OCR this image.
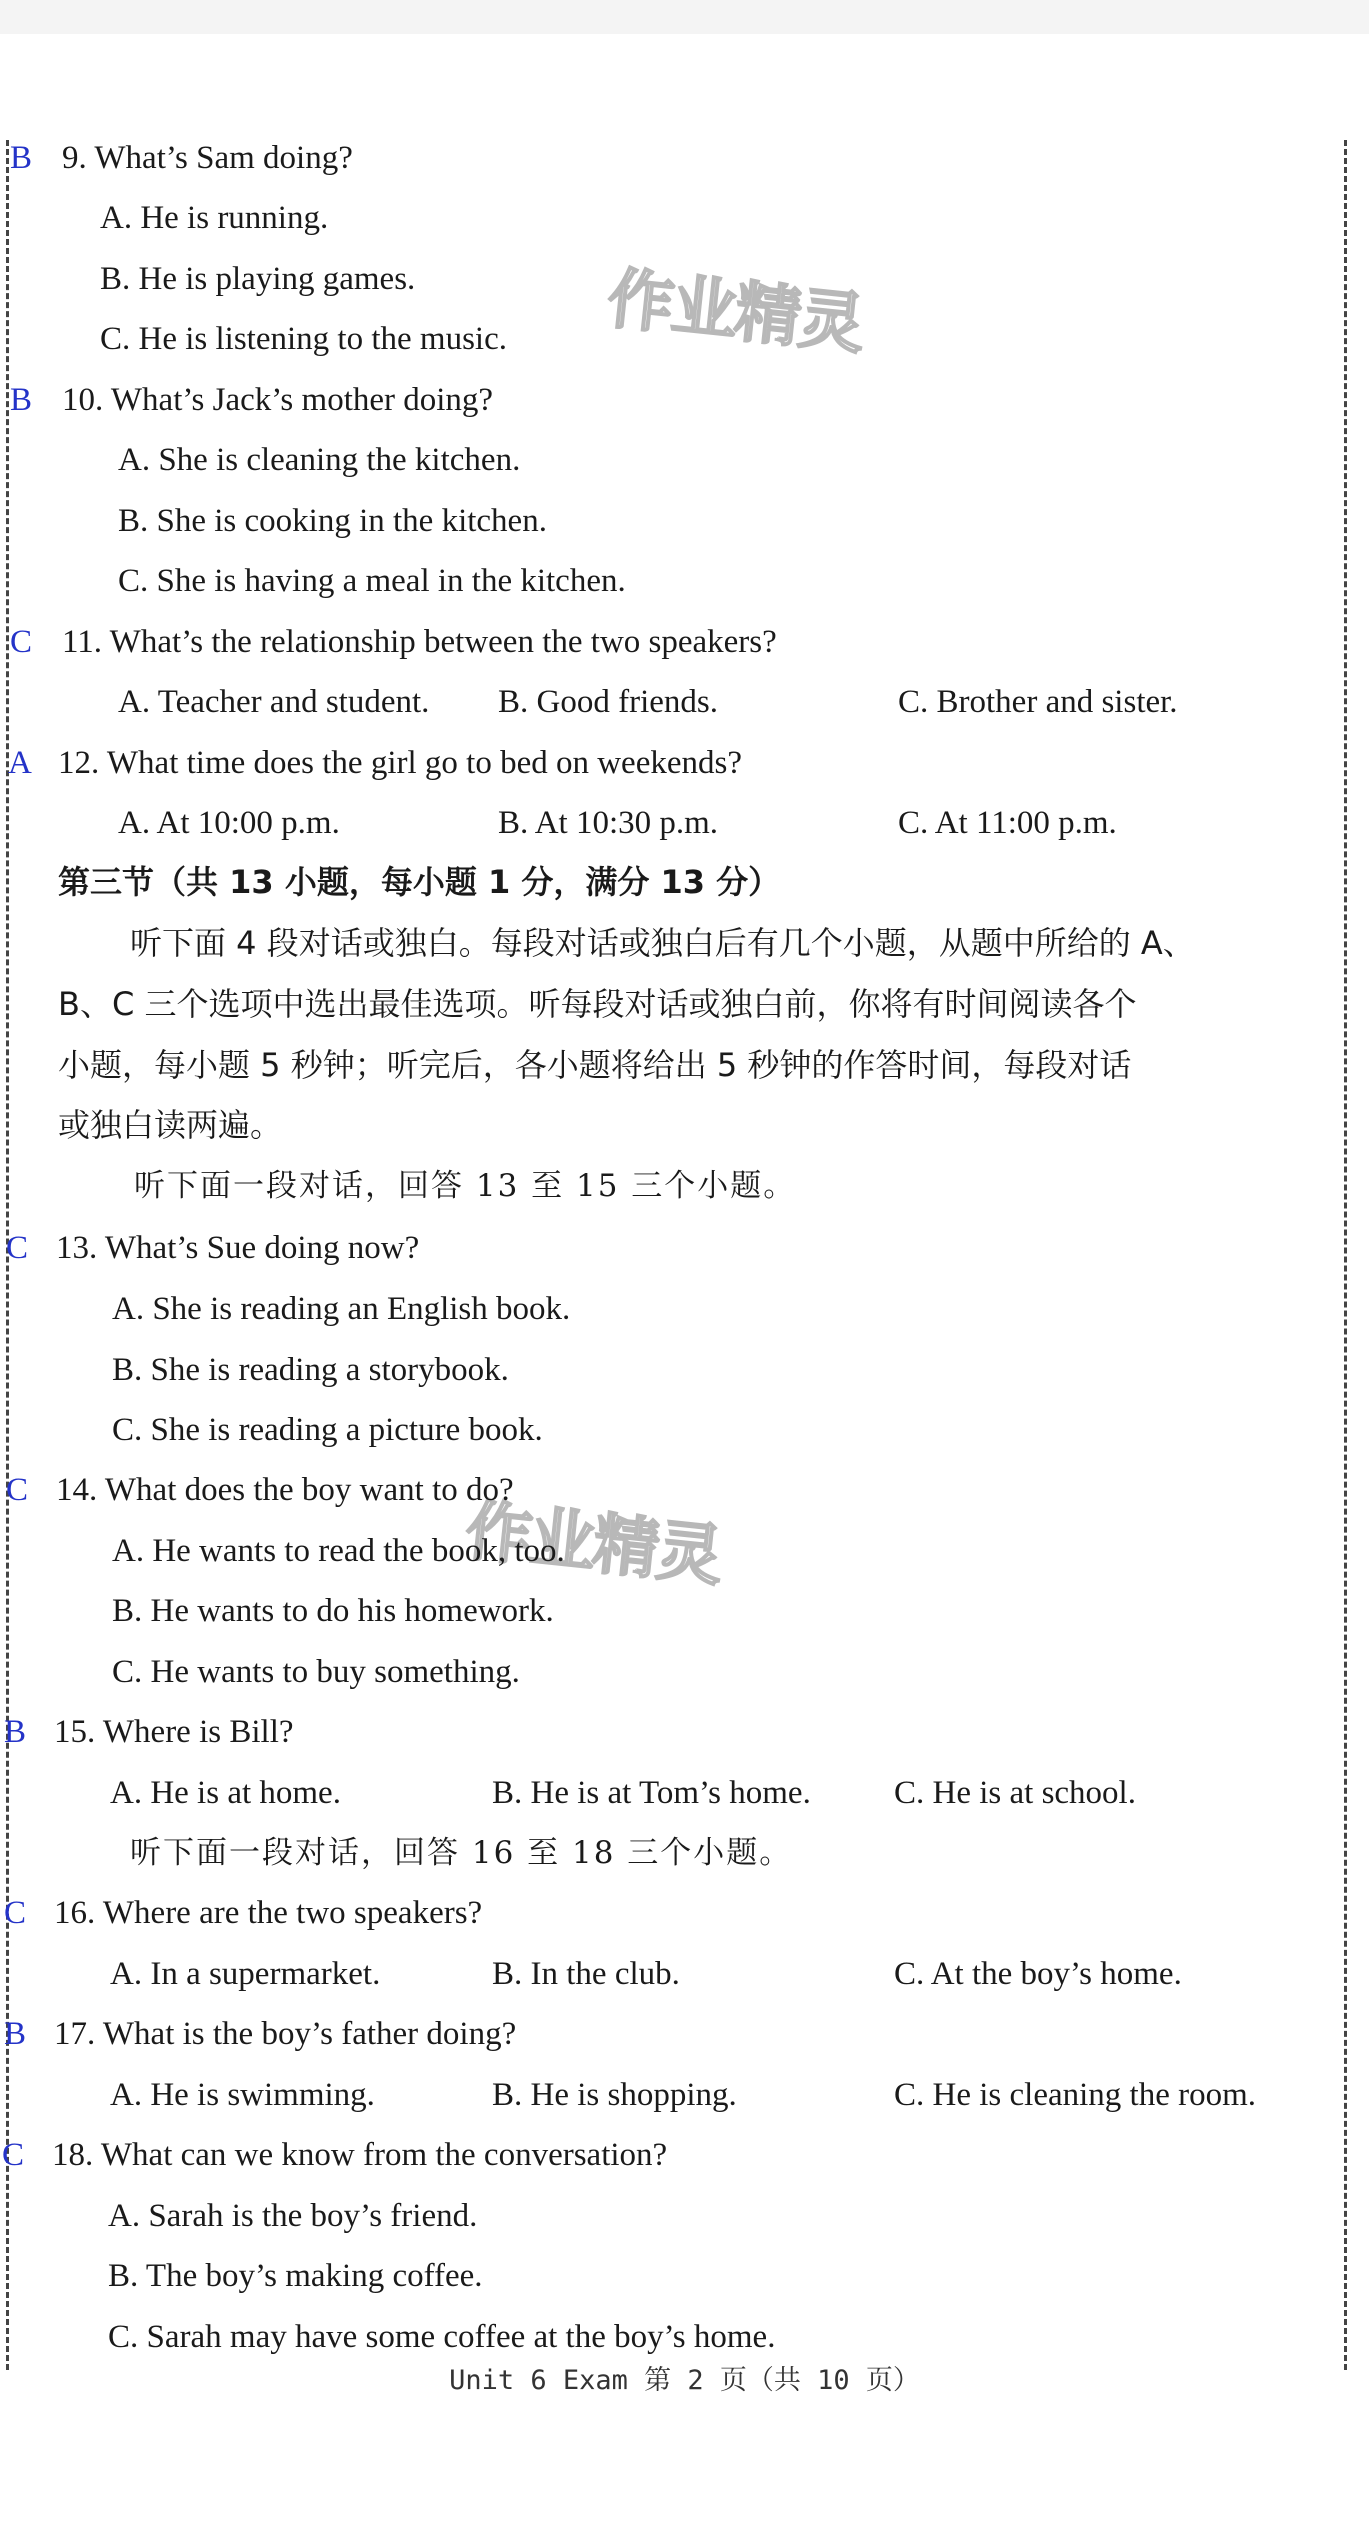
作业精灵
作业精灵
B 9. What’s Sam doing?
A. He is running.
B. He is playing games.
C. He is listening to the music.
B 10. What’s Jack’s mother doing?
A. She is cleaning the kitchen.
B. She is cooking in the kitchen.
C. She is having a meal in the kitchen.
C 11. What’s the relationship between the two speakers?
A. Teacher and student. B. Good friends.	C. Brother and sister.
A 12. What time does the girl go to bed on weekends?
A. At 10:00 p.m.	B. At 10:30 p.m.	C. At 11:00 p.m.
第三节（共 13 小题，每小题 1 分，满分 13 分）
听下面 4 段对话或独白。每段对话或独白后有几个小题，从题中所给的 A、
B、C 三个选项中选出最佳选项。听每段对话或独白前，你将有时间阅读各个
小题，每小题 5 秒钟；听完后，各小题将给出 5 秒钟的作答时间，每段对话
或独白读两遍。
听下面一段对话，回答 13 至 15 三个小题。
C 13. What’s Sue doing now?
A. She is reading an English book.
B. She is reading a storybook.
C. She is reading a picture book.
C 14. What does the boy want to do?
A. He wants to read the book, too.
B. He wants to do his homework.
C. He wants to buy something.
B 15. Where is Bill?
A. He is at home.	B. He is at Tom’s home.	C. He is at school.
听下面一段对话，回答 16 至 18 三个小题。
C 16. Where are the two speakers?
A. In a supermarket.	B. In the club.	C. At the boy’s home.
B 17. What is the boy’s father doing?
A. He is swimming.	B. He is shopping.	C. He is cleaning the room.
C 18. What can we know from the conversation?
A. Sarah is the boy’s friend.
B. The boy’s making coffee.
C. Sarah may have some coffee at the boy’s home.
Unit 6 Exam 第 2 页（共 10 页）
